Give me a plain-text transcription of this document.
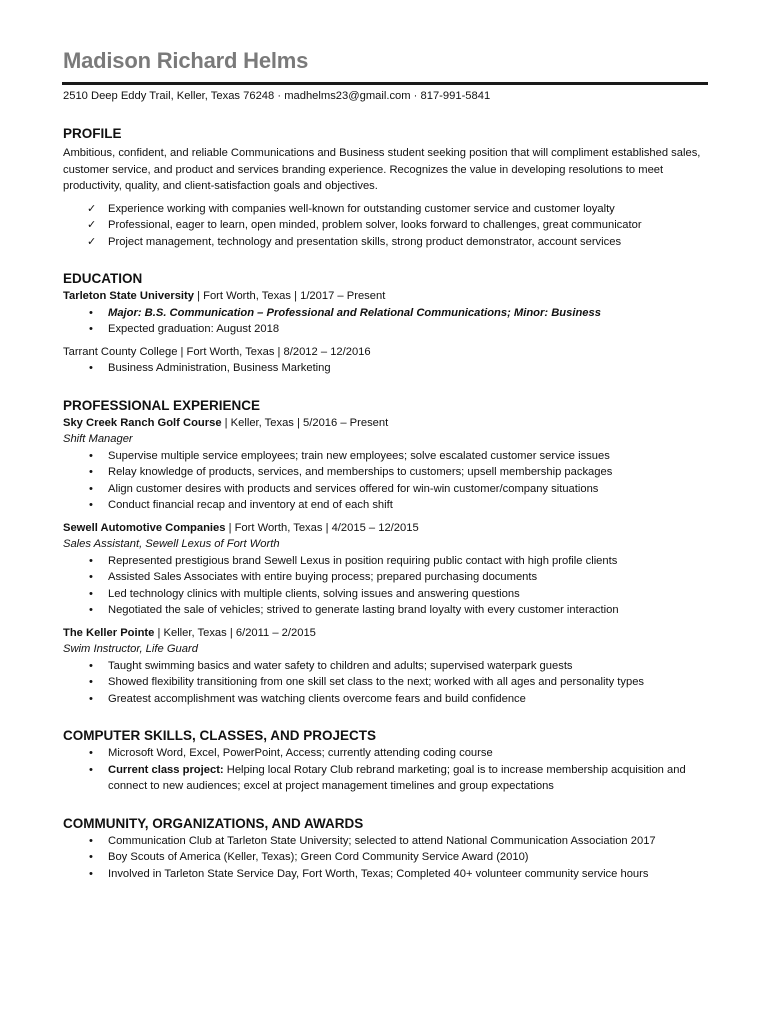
Madison Richard Helms
2510 Deep Eddy Trail, Keller, Texas 76248 · madhelms23@gmail.com · 817-991-5841
PROFILE
Ambitious, confident, and reliable Communications and Business student seeking position that will compliment established sales, customer service, and product and services branding experience. Recognizes the value in developing resolutions to meet productivity, quality, and client-satisfaction goals and objectives.
✓ Experience working with companies well-known for outstanding customer service and customer loyalty
✓ Professional, eager to learn, open minded, problem solver, looks forward to challenges, great communicator
✓ Project management, technology and presentation skills, strong product demonstrator, account services
EDUCATION
Tarleton State University | Fort Worth, Texas | 1/2017 – Present
• Major: B.S. Communication – Professional and Relational Communications; Minor: Business
• Expected graduation: August 2018
Tarrant County College | Fort Worth, Texas | 8/2012 – 12/2016
• Business Administration, Business Marketing
PROFESSIONAL EXPERIENCE
Sky Creek Ranch Golf Course | Keller, Texas | 5/2016 – Present
Shift Manager
• Supervise multiple service employees; train new employees; solve escalated customer service issues
• Relay knowledge of products, services, and memberships to customers; upsell membership packages
• Align customer desires with products and services offered for win-win customer/company situations
• Conduct financial recap and inventory at end of each shift
Sewell Automotive Companies | Fort Worth, Texas | 4/2015 – 12/2015
Sales Assistant, Sewell Lexus of Fort Worth
• Represented prestigious brand Sewell Lexus in position requiring public contact with high profile clients
• Assisted Sales Associates with entire buying process; prepared purchasing documents
• Led technology clinics with multiple clients, solving issues and answering questions
• Negotiated the sale of vehicles; strived to generate lasting brand loyalty with every customer interaction
The Keller Pointe | Keller, Texas | 6/2011 – 2/2015
Swim Instructor, Life Guard
• Taught swimming basics and water safety to children and adults; supervised waterpark guests
• Showed flexibility transitioning from one skill set class to the next; worked with all ages and personality types
• Greatest accomplishment was watching clients overcome fears and build confidence
COMPUTER SKILLS, CLASSES, AND PROJECTS
• Microsoft Word, Excel, PowerPoint, Access; currently attending coding course
• Current class project: Helping local Rotary Club rebrand marketing; goal is to increase membership acquisition and connect to new audiences; excel at project management timelines and group expectations
COMMUNITY, ORGANIZATIONS, AND AWARDS
• Communication Club at Tarleton State University; selected to attend National Communication Association 2017
• Boy Scouts of America (Keller, Texas); Green Cord Community Service Award (2010)
• Involved in Tarleton State Service Day, Fort Worth, Texas; Completed 40+ volunteer community service hours
